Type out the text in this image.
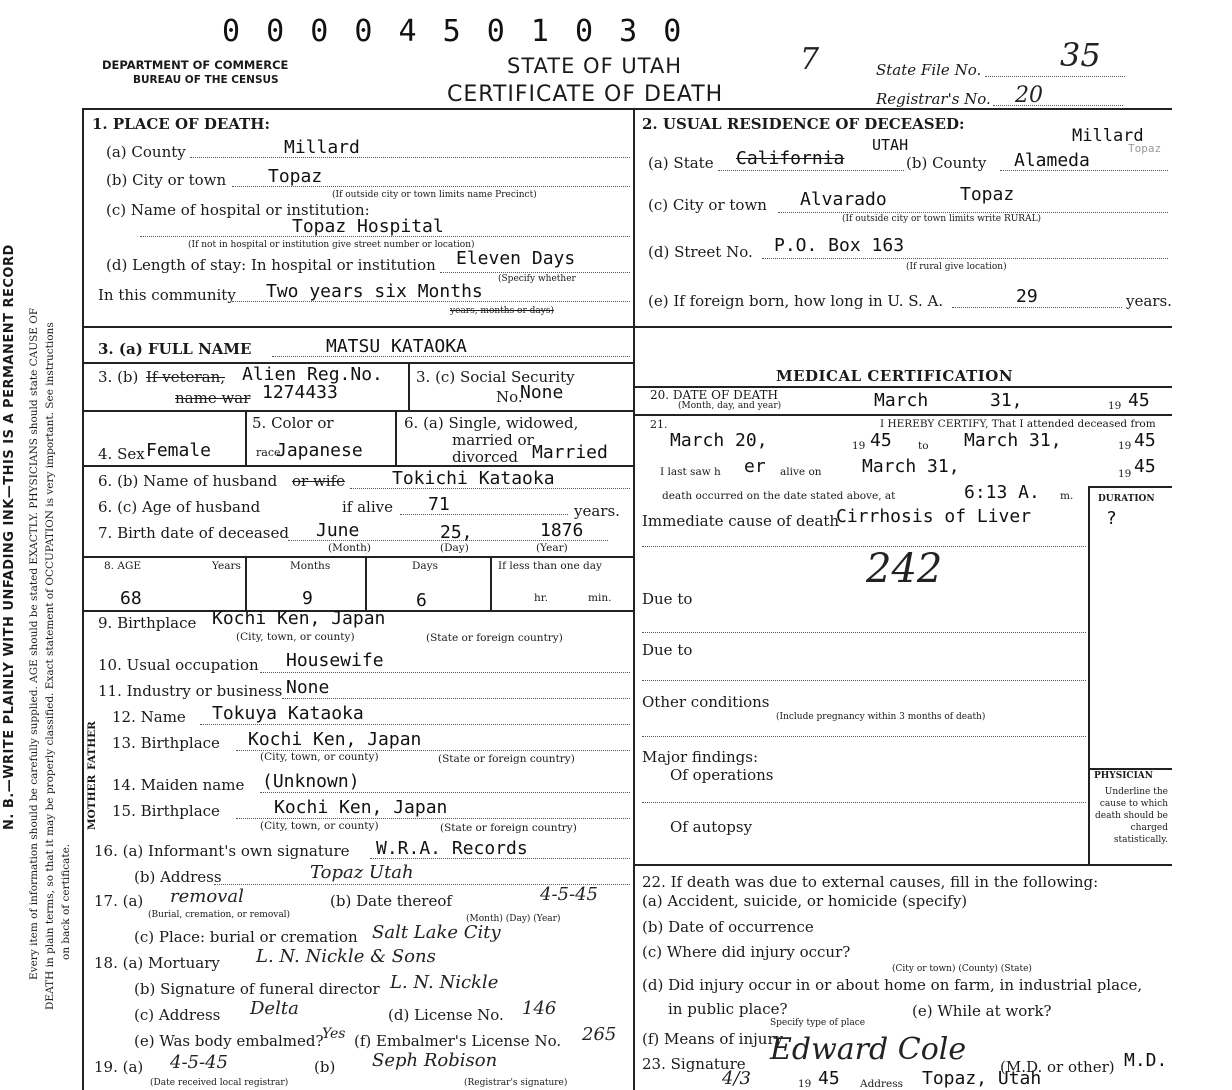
0 0 0 0 4 5 0 1 0 3 0
DEPARTMENT OF COMMERCE
BUREAU OF THE CENSUS
STATE OF UTAH
CERTIFICATE OF DEATH
7	State File No. 35
Registrar's No. 20
N. B.—WRITE PLAINLY WITH UNFADING INK—THIS IS A PERMANENT RECORD Every item of information should be carefully supplied. AGE should be stated EXACTLY. PHYSICIANS should state CAUSE OF DEATH in plain terms, so that it may be properly classified. Exact statement of OCCUPATION is very important. See instructions on back of certificate.
1. PLACE OF DEATH:
(a) County	Millard
(b) City or town Topaz
(If outside city or town limits name Precinct)
(c) Name of hospital or institution:
Topaz Hospital
(If not in hospital or institution give street number or location)
(d) Length of stay: In hospital or institution Eleven Days
(Specify whether
In this community Two years six Months
years, months or days)
2. USUAL RESIDENCE OF DECEASED:
Millard
Topaz
UTAH
(a) State California	(b) County Alameda
Topaz
(c) City or town Alvarado
(If outside city or town limits write RURAL)
(d) Street No. P.O. Box 163
(If rural give location)
(e) If foreign born, how long in U. S. A.	29	years.
3. (a) FULL NAME	MATSU KATAOKA
3. (b) If veteran, Alien Reg.No.
name war 1274433
3. (c) Social Security
No.
None
4. Sex Female
5. Color or
race
Japanese
6. (a) Single, widowed,
married or
divorced Married
6. (b) Name of husband or wife	Tokichi Kataoka
6. (c) Age of husband	if alive 71	years.
7. Birth date of deceased June	25,	1876
(Month)	(Day)	(Year)
8. AGE	Years	Months	Days	If less than one day
68	9	6	hr.	min.
9. Birthplace Kochi Ken, Japan
(City, town, or county)	(State or foreign country)
10. Usual occupation Housewife
11. Industry or business None
FATHER
MOTHER
12. Name Tokuya Kataoka
13. Birthplace Kochi Ken, Japan
(City, town, or county)	(State or foreign country)
14. Maiden name (Unknown)
15. Birthplace	Kochi Ken, Japan
(City, town, or county)	(State or foreign country)
16. (a) Informant's own signature W.R.A. Records
(b) Address	Topaz Utah
17. (a) removal
(Burial, cremation, or removal)
(b) Date thereof	4-5-45
(Month) (Day) (Year)
(c) Place: burial or cremation Salt Lake City
18. (a) Mortuary L. N. Nickle & Sons
(b) Signature of funeral director L. N. Nickle
(c) Address Delta	(d) License No. 146
(e) Was body embalmed?
Yes (f) Embalmer's License No. 265
19. (a) 4-5-45
(Date received local registrar)
(b) Seph Robison
(Registrar's signature)
MEDICAL CERTIFICATION
20. DATE OF DEATH
(Month, day, and year)	March	31,	19 45
21.	I HEREBY CERTIFY, That I attended deceased from
March 20,	19 45	to March 31,	19 45
I last saw h er alive on March 31,	19 45
death occurred on the date stated above, at	6:13 A. m.	DURATION
Immediate cause of death
Cirrhosis of Liver	?
242
Due to
Due to
Other conditions
(Include pregnancy within 3 months of death)
Major findings:
Of operations
Of autopsy
PHYSICIAN
Underline the cause to which death should be charged statistically.
22. If death was due to external causes, fill in the following:
(a) Accident, suicide, or homicide (specify)
(b) Date of occurrence
(c) Where did injury occur?
(City or town) (County) (State)
(d) Did injury occur in or about home on farm, in industrial place,
in public place?	(e) While at work?
Specify type of place
(f) Means of injury
23. Signature Edward Cole (M.D. or other) M.D.
4/3	19 45 Address Topaz, Utah
